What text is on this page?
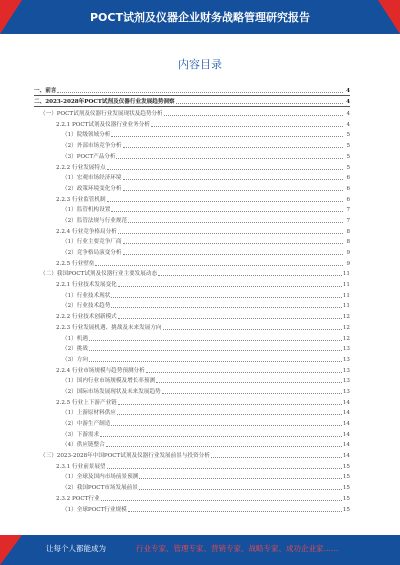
POCT试剂及仪器企业财务战略管理研究报告
内容目录
一、前言	4
二、2023-2028年POCT试剂及仪器行业发展趋势洞察	4
（一）POCT试剂及仪器行业发展现状及趋势分析	4
2.2.1 POCT试剂及仪器行业业务分析	4
（1）院级领域分析	5
（2）外部市场竞争分析	5
（3）POCT产品分析	5
2.2.2 行业发展特点	5
（1）宏观市场经济环境	6
（2）政策环境变化分析	6
2.2.3 行业监管机制	6
（1）监管机构设置	7
（2）监管法规与行业规范	7
2.2.4 行业竞争格局分析	8
（1）行业主要竞争厂商	8
（2）竞争格局演变分析	9
2.2.5 行业壁垒	9
（二）我国POCT试剂及仪器行业主要发展动态	11
2.2.1 行业技术发展变化	11
（1）行业技术现状	11
（2）行业技术趋势	11
2.2.2 行业技术创新模式	12
2.2.3 行业发展机遇、挑战及未来发展方向	12
（1）机遇	12
（2）挑战	13
（3）方向	13
2.2.4 行业市场规模与趋势预测分析	13
（1）国内行业市场规模及增长率预测	13
（2）国际市场发展现状及未来发展趋势	13
2.2.5 行业上下游产业链	14
（1）上游原材料供应	14
（2）中游生产制造	14
（3）下游需求	14
（4）供应链整合	14
（三）2023-2028年中国POCT试剂及仪器行业发展前景与投资分析	14
2.3.1 行业前景展望	15
（1）全球及国内市场前景预测	15
（2）我国POCT市场发展前景	15
2.3.2 POCT行业	15
（1）全球POCT行业规模	15
让每个人都能成为	行业专家、管理专家、营销专家、战略专家、成功企业家……
